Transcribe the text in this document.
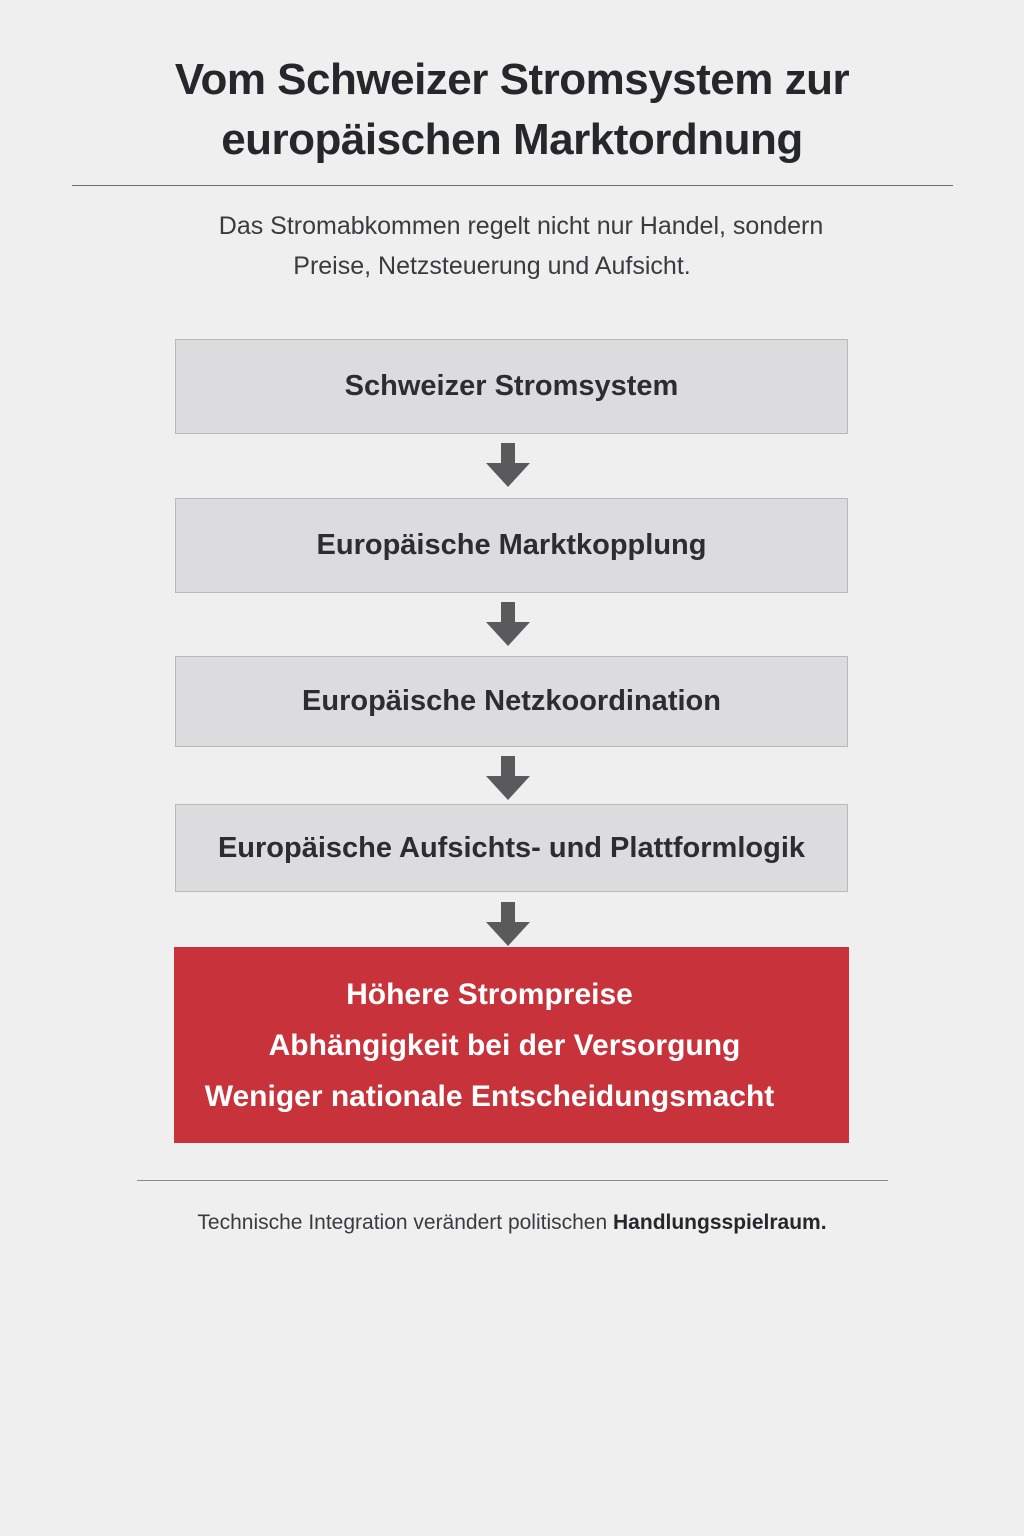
Vom Schweizer Stromsystem zur
europäischen Marktordnung
Das Stromabkommen regelt nicht nur Handel, sondern
Preise, Netzsteuerung und Aufsicht.
Schweizer Stromsystem
Europäische Marktkopplung
Europäische Netzkoordination
Europäische Aufsichts- und Plattformlogik
Höhere Strompreise
Abhängigkeit bei der Versorgung
Weniger nationale Entscheidungsmacht
Technische Integration verändert politischen Handlungsspielraum.
